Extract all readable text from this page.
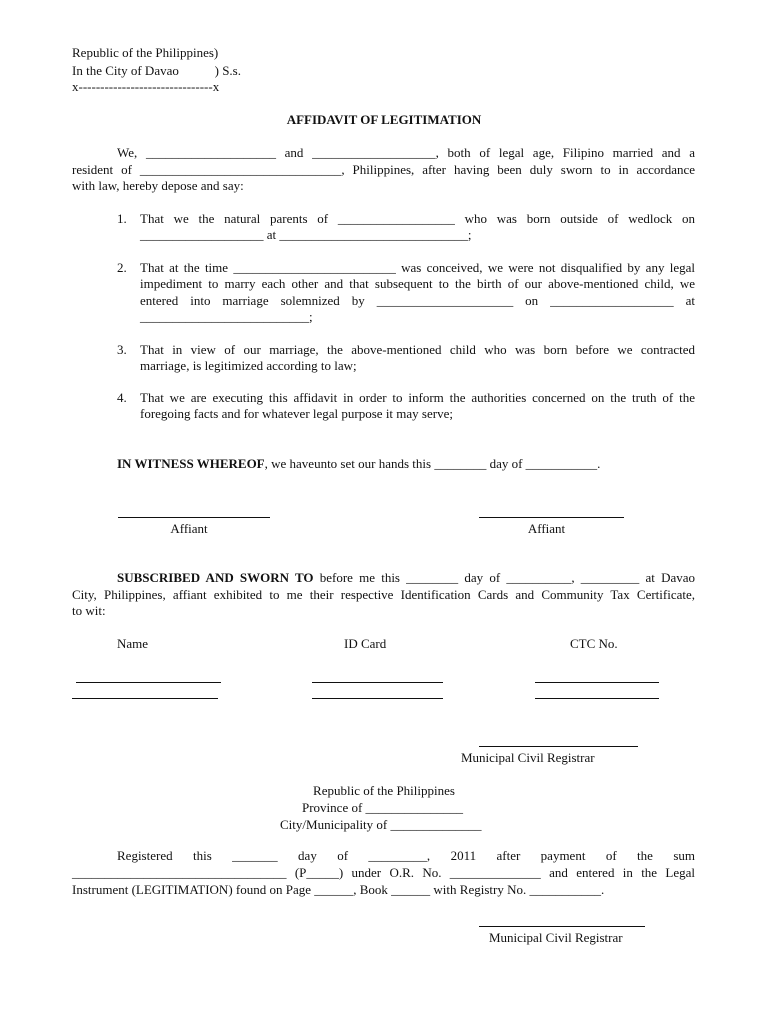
Republic of the Philippines)
In the City of Davao           ) S.s.
x-------------------------------x
AFFIDAVIT OF LEGITIMATION
We, ____________________ and ___________________, both of legal age, Filipino married and a
resident of _______________________________, Philippines, after having been duly sworn to in accordance
with law, hereby depose and say:
1. That we the natural parents of __________________ who was born outside of wedlock on
___________________ at _____________________________;
2. That at the time _________________________ was conceived, we were not disqualified by any legal
impediment to marry each other and that subsequent to the birth of our above-mentioned child, we
entered into marriage solemnized by _____________________ on ___________________ at
__________________________;
3. That in view of our marriage, the above-mentioned child who was born before we contracted
marriage, is legitimized according to law;
4. That we are executing this affidavit in order to inform the authorities concerned on the truth of the
foregoing facts and for whatever legal purpose it may serve;
IN WITNESS WHEREOF, we haveunto set our hands this ________ day of ___________.
Affiant	Affiant
SUBSCRIBED AND SWORN TO before me this ________ day of __________, _________ at Davao
City, Philippines, affiant exhibited to me their respective Identification Cards and Community Tax Certificate,
to wit:
Name	ID Card	CTC No.
Municipal Civil Registrar
Republic of the Philippines
Province of _______________
City/Municipality of ______________
Registered this _______ day of _________, 2011 after payment of the sum
_________________________________ (P_____) under O.R. No. ______________ and entered in the Legal
Instrument (LEGITIMATION) found on Page ______, Book ______ with Registry No. ___________.
Municipal Civil Registrar
